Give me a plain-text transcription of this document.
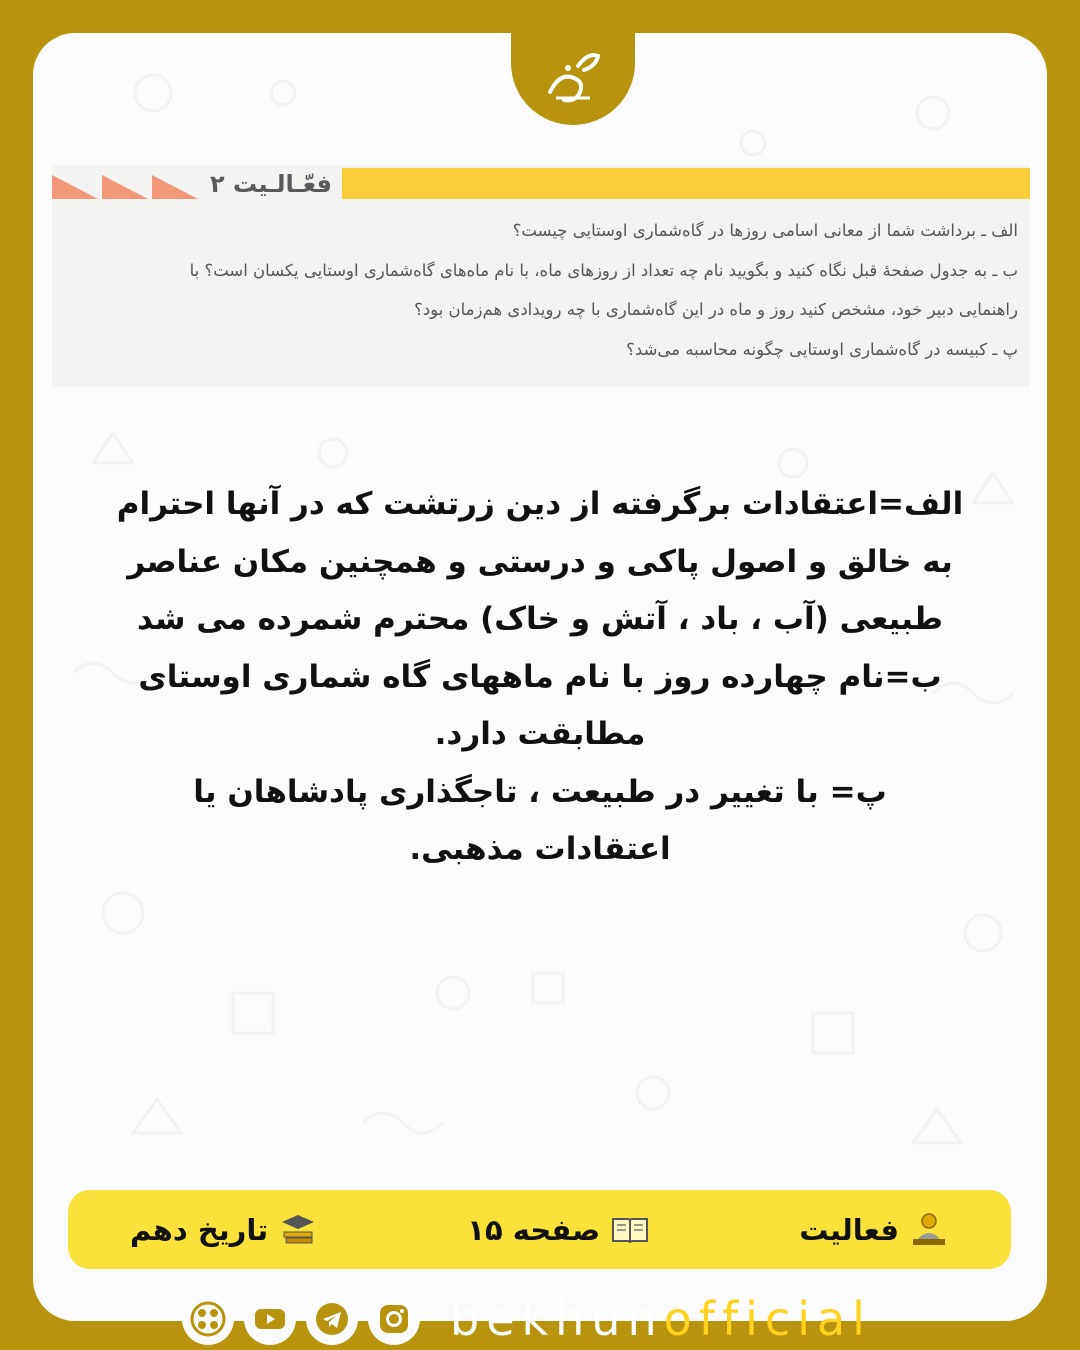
فعّـالـیت ۲
الف ـ برداشت شما از معانی اسامی روزها در گاه‌شماری اوستایی چیست؟
ب ـ به جدول صفحهٔ قبل نگاه کنید و بگویید نام چه تعداد از روزهای ماه، با نام ماه‌های گاه‌شماری اوستایی یکسان است؟ با
راهنمایی دبیر خود، مشخص کنید روز و ماه در این گاه‌شماری با چه رویدادی هم‌زمان بود؟
پ ـ کبیسه در گاه‌شماری اوستایی چگونه محاسبه می‌شد؟
الف=اعتقادات برگرفته از دین زرتشت که در آنها احترام
به خالق و اصول پاکی و درستی و همچنین مکان عناصر
طبیعی (آب ، باد ، آتش و خاک) محترم شمرده می شد
ب=نام چهارده روز با نام ماههای گاه شماری اوستای
مطابقت دارد.
پ= با تغییر در طبیعت ، تاجگذاری پادشاهان یا
اعتقادات مذهبی.
فعالیت
صفحه ۱۵
تاریخ دهم
bekhunofficial
